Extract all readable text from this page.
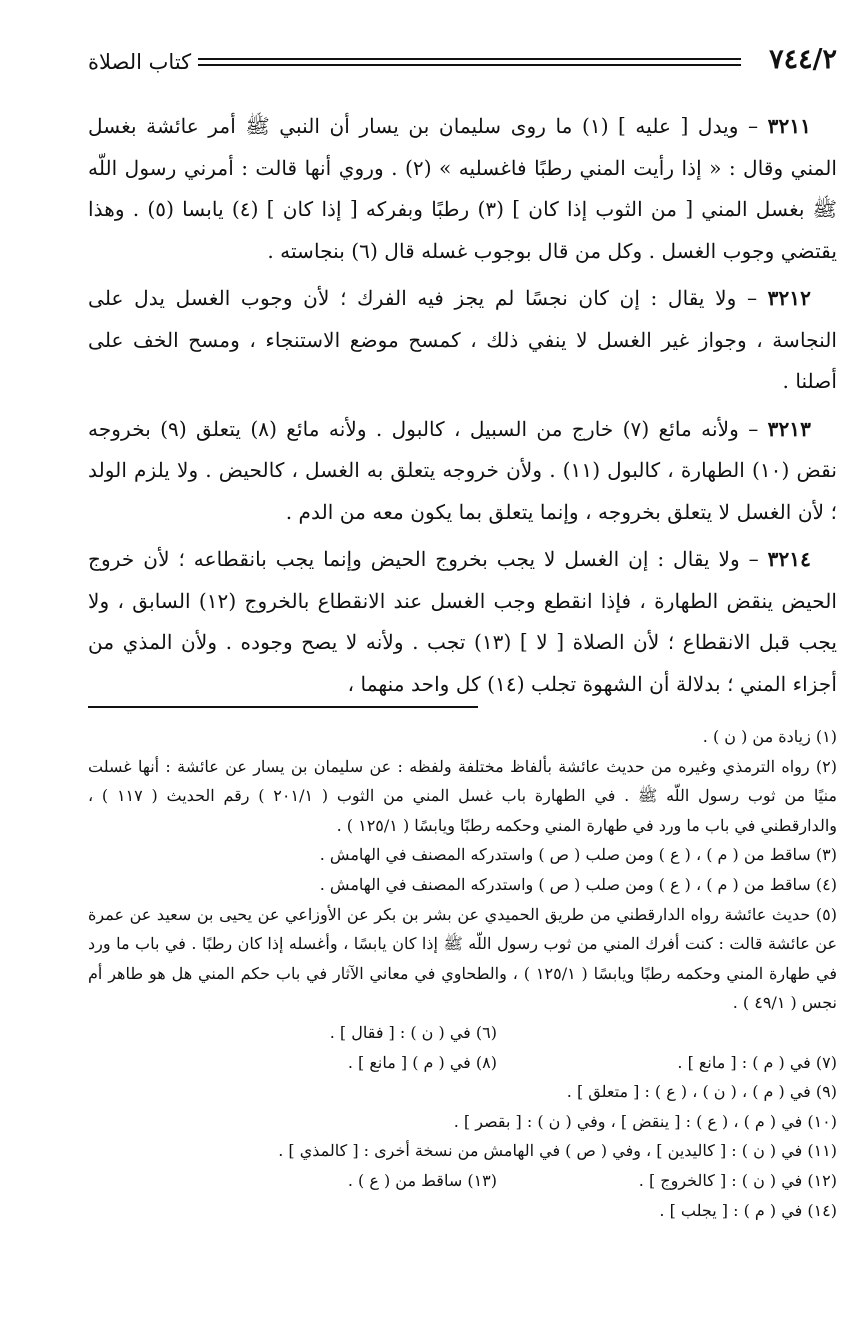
٧٤٤/٢
كتاب الصلاة

٣٢١١ – ويدل [ عليه ] (١) ما روى سليمان بن يسار أن النبي ﷺ أمر عائشة بغسل المني وقال : « إذا رأيت المني رطبًا فاغسليه » (٢) . وروي أنها قالت : أمرني رسول اللّه ﷺ بغسل المني [ من الثوب إذا كان ] (٣) رطبًا وبفركه [ إذا كان ] (٤) يابسا (٥) . وهذا يقتضي وجوب الغسل . وكل من قال بوجوب غسله قال (٦) بنجاسته .

٣٢١٢ – ولا يقال : إن كان نجسًا لم يجز فيه الفرك ؛ لأن وجوب الغسل يدل على النجاسة ، وجواز غير الغسل لا ينفي ذلك ، كمسح موضع الاستنجاء ، ومسح الخف على أصلنا .

٣٢١٣ – ولأنه مائع (٧) خارج من السبيل ، كالبول . ولأنه مائع (٨) يتعلق (٩) بخروجه نقض (١٠) الطهارة ، كالبول (١١) . ولأن خروجه يتعلق به الغسل ، كالحيض . ولا يلزم الولد ؛ لأن الغسل لا يتعلق بخروجه ، وإنما يتعلق بما يكون معه من الدم .

٣٢١٤ – ولا يقال : إن الغسل لا يجب بخروج الحيض وإنما يجب بانقطاعه ؛ لأن خروج الحيض ينقض الطهارة ، فإذا انقطع وجب الغسل عند الانقطاع بالخروج (١٢) السابق ، ولا يجب قبل الانقطاع ؛ لأن الصلاة [ لا ] (١٣) تجب . ولأنه لا يصح وجوده . ولأن المذي من أجزاء المني ؛ بدلالة أن الشهوة تجلب (١٤) كل واحد منهما ،

(١) زيادة من ( ن ) .

(٢) رواه الترمذي وغيره من حديث عائشة بألفاظ مختلفة ولفظه : عن سليمان بن يسار عن عائشة : أنها غسلت منيًا من ثوب رسول اللّه ﷺ . في الطهارة باب غسل المني من الثوب ( ٢٠١/١ ) رقم الحديث ( ١١٧ ) ، والدارقطني في باب ما ورد في طهارة المني وحكمه رطبًا ويابسًا ( ١٢٥/١ ) .

(٣) ساقط من ( م ) ، ( ع ) ومن صلب ( ص ) واستدركه المصنف في الهامش .

(٤) ساقط من ( م ) ، ( ع ) ومن صلب ( ص ) واستدركه المصنف في الهامش .

(٥) حديث عائشة رواه الدارقطني من طريق الحميدي عن بشر بن بكر عن الأوزاعي عن يحيى بن سعيد عن عمرة عن عائشة قالت : كنت أفرك المني من ثوب رسول اللّه ﷺ إذا كان يابسًا ، وأغسله إذا كان رطبًا . في باب ما ورد في طهارة المني وحكمه رطبًا ويابسًا ( ١٢٥/١ ) ، والطحاوي في معاني الآثار في باب حكم المني هل هو طاهر أم نجس ( ٤٩/١ ) .

(٦) في ( ن ) : [ فقال ] .
(٧) في ( م ) : [ مانع ] .
(٨) في ( م ) [ مانع ] .

(٩) في ( م ) ، ( ن ) ، ( ع ) : [ متعلق ] .

(١٠) في ( م ) ، ( ع ) : [ ينقض ] ، وفي ( ن ) : [ بقصر ] .

(١١) في ( ن ) : [ كاليدين ] ، وفي ( ص ) في الهامش من نسخة أخرى : [ كالمذي ] .

(١٢) في ( ن ) : [ كالخروج ] .
(١٣) ساقط من ( ع ) .

(١٤) في ( م ) : [ يجلب ] .
